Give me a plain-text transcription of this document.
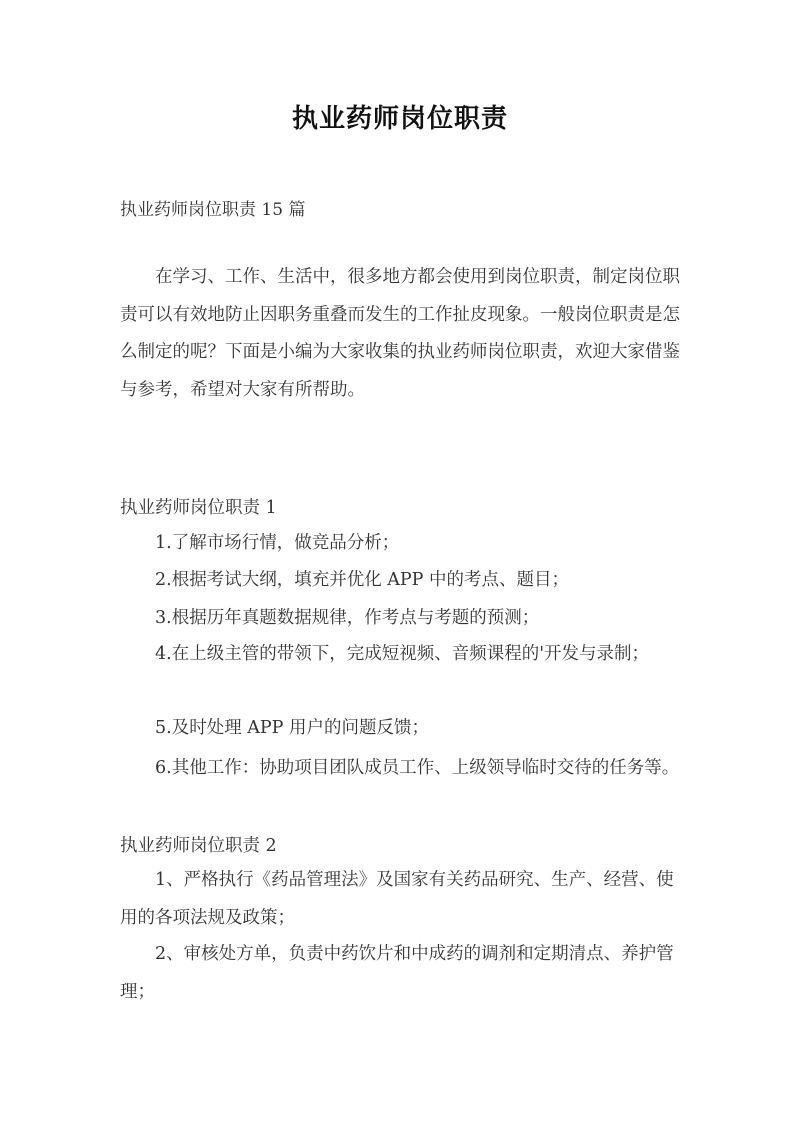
执业药师岗位职责
执业药师岗位职责 15 篇
在学习、工作、生活中，很多地方都会使用到岗位职责，制定岗位职责可以有效地防止因职务重叠而发生的工作扯皮现象。一般岗位职责是怎么制定的呢？下面是小编为大家收集的执业药师岗位职责，欢迎大家借鉴与参考，希望对大家有所帮助。
执业药师岗位职责 1
1.了解市场行情，做竞品分析；
2.根据考试大纲，填充并优化 APP 中的考点、题目；
3.根据历年真题数据规律，作考点与考题的预测；
4.在上级主管的带领下，完成短视频、音频课程的'开发与录制；
5.及时处理 APP 用户的问题反馈；
6.其他工作：协助项目团队成员工作、上级领导临时交待的任务等。
执业药师岗位职责 2
1、严格执行《药品管理法》及国家有关药品研究、生产、经营、使用的各项法规及政策；
2、审核处方单，负责中药饮片和中成药的调剂和定期清点、养护管理；
